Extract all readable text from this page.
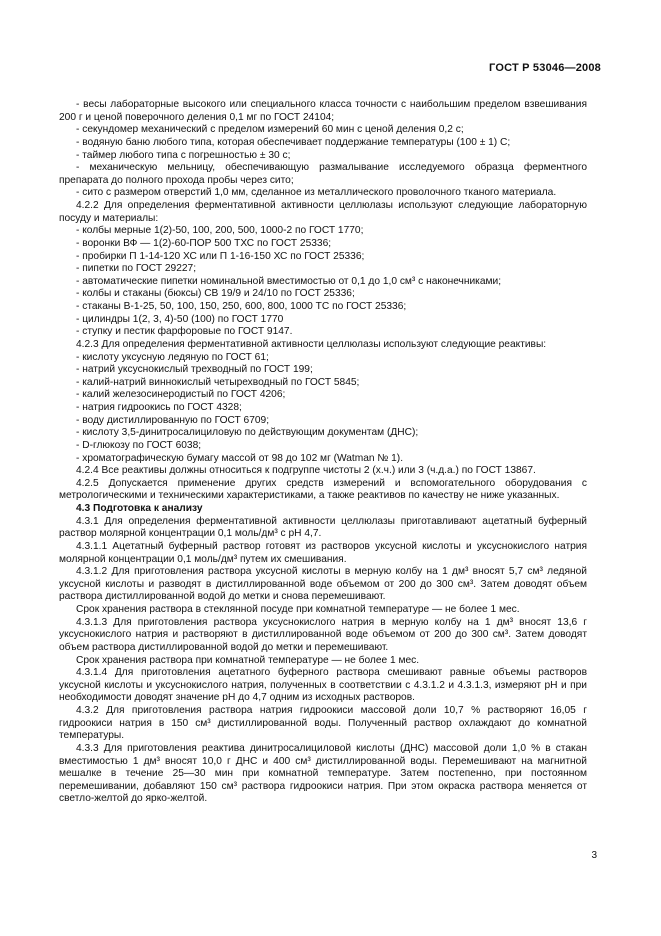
ГОСТ Р 53046—2008

- весы лабораторные высокого или специального класса точности с наибольшим пределом взвешивания 200 г и ценой поверочного деления 0,1 мг по ГОСТ 24104;

- секундомер механический с пределом измерений 60 мин с ценой деления 0,2 с;

- водяную баню любого типа, которая обеспечивает поддержание температуры (100 ± 1) С;

- таймер любого типа с погрешностью ± 30 с;

- механическую мельницу, обеспечивающую размалывание исследуемого образца ферментного препарата до полного прохода пробы через сито;

- сито с размером отверстий 1,0 мм, сделанное из металлического проволочного тканого материала.

4.2.2 Для определения ферментативной активности целлюлазы используют следующие лабораторную посуду и материалы:

- колбы мерные 1(2)-50, 100, 200, 500, 1000-2 по ГОСТ 1770;

- воронки ВФ — 1(2)-60-ПОР 500 ТХС по ГОСТ 25336;

- пробирки П 1-14-120 ХС или П 1-16-150 ХС по ГОСТ 25336;

- пипетки по ГОСТ 29227;

- автоматические пипетки номинальной вместимостью от 0,1 до 1,0 см³ с наконечниками;

- колбы и стаканы (бюксы) СВ 19/9 и 24/10 по ГОСТ 25336;

- стаканы В-1-25, 50, 100, 150, 250, 600, 800, 1000 ТС по ГОСТ 25336;

- цилиндры 1(2, 3, 4)-50 (100) по ГОСТ 1770

- ступку и пестик фарфоровые по ГОСТ 9147.

4.2.3 Для определения ферментативной активности целлюлазы используют следующие реактивы:

- кислоту уксусную ледяную по ГОСТ 61;

- натрий уксуснокислый трехводный по ГОСТ 199;

- калий-натрий виннокислый четырехводный по ГОСТ 5845;

- калий железосинеродистый по ГОСТ 4206;

- натрия гидроокись по ГОСТ 4328;

- воду дистиллированную по ГОСТ 6709;

- кислоту 3,5-динитросалициловую по действующим документам (ДНС);

- D-глюкозу по ГОСТ 6038;

- хроматографическую бумагу массой от 98 до 102 мг (Watman № 1).

4.2.4 Все реактивы должны относиться к подгруппе чистоты 2 (х.ч.) или 3 (ч.д.а.) по ГОСТ 13867.

4.2.5 Допускается применение других средств измерений и вспомогательного оборудования с метрологическими и техническими характеристиками, а также реактивов по качеству не ниже указанных.

4.3 Подготовка к анализу

4.3.1 Для определения ферментативной активности целлюлазы приготавливают ацетатный буферный раствор молярной концентрации 0,1 моль/дм³ с pH 4,7.

4.3.1.1 Ацетатный буферный раствор готовят из растворов уксусной кислоты и уксуснокислого натрия молярной концентрации 0,1 моль/дм³ путем их смешивания.

4.3.1.2 Для приготовления раствора уксусной кислоты в мерную колбу на 1 дм³ вносят 5,7 см³ ледяной уксусной кислоты и разводят в дистиллированной воде объемом от 200 до 300 см³. Затем доводят объем раствора дистиллированной водой до метки и снова перемешивают.

Срок хранения раствора в стеклянной посуде при комнатной температуре — не более 1 мес.

4.3.1.3 Для приготовления раствора уксуснокислого натрия в мерную колбу на 1 дм³ вносят 13,6 г уксуснокислого натрия и растворяют в дистиллированной воде объемом от 200 до 300 см³. Затем доводят объем раствора дистиллированной водой до метки и перемешивают.

Срок хранения раствора при комнатной температуре — не более 1 мес.

4.3.1.4 Для приготовления ацетатного буферного раствора смешивают равные объемы растворов уксусной кислоты и уксуснокислого натрия, полученных в соответствии с 4.3.1.2 и 4.3.1.3, измеряют pH и при необходимости доводят значение pH до 4,7 одним из исходных растворов.

4.3.2 Для приготовления раствора натрия гидроокиси массовой доли 10,7 % растворяют 16,05 г гидроокиси натрия в 150 см³ дистиллированной воды. Полученный раствор охлаждают до комнатной температуры.

4.3.3 Для приготовления реактива динитросалициловой кислоты (ДНС) массовой доли 1,0 % в стакан вместимостью 1 дм³ вносят 10,0 г ДНС и 400 см³ дистиллированной воды. Перемешивают на магнитной мешалке в течение 25—30 мин при комнатной температуре. Затем постепенно, при постоянном перемешивании, добавляют 150 см³ раствора гидроокиси натрия. При этом окраска раствора меняется от светло-желтой до ярко-желтой.

3
